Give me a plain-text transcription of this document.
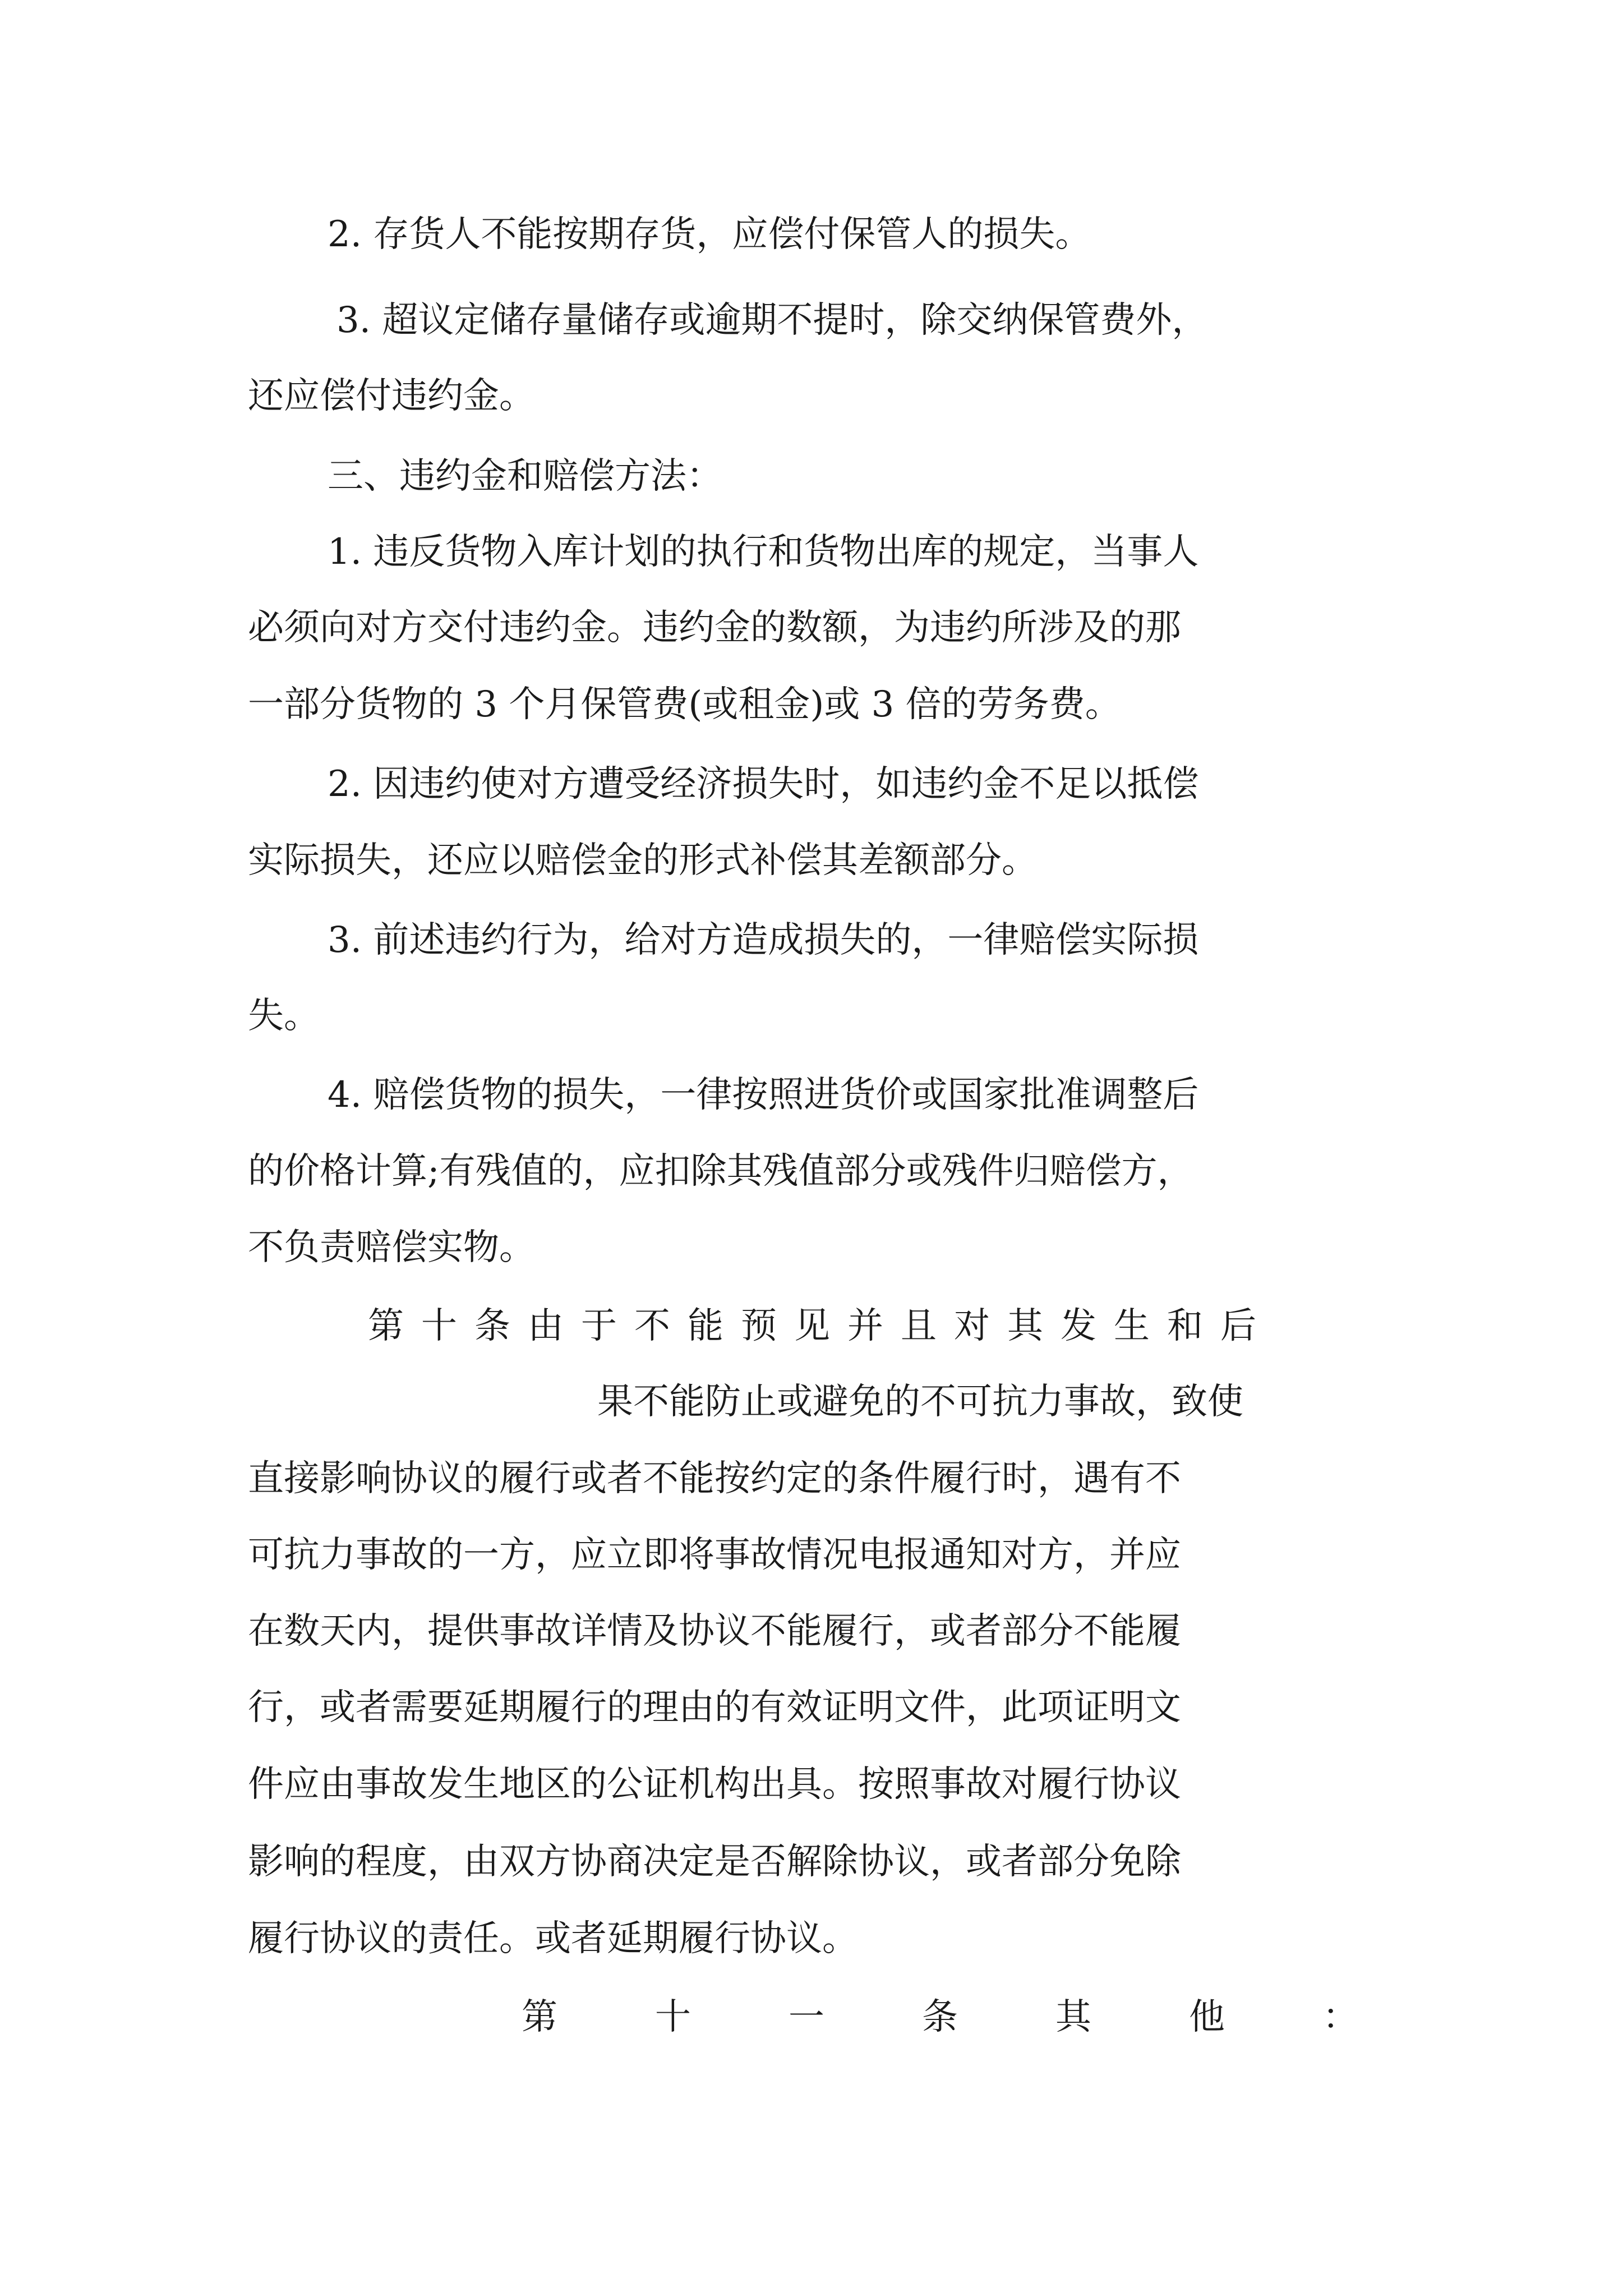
2. 存货人不能按期存货，应偿付保管人的损失。
3. 超议定储存量储存或逾期不提时，除交纳保管费外，
还应偿付违约金。
三、违约金和赔偿方法：
1. 违反货物入库计划的执行和货物出库的规定，当事人
必须向对方交付违约金。违约金的数额，为违约所涉及的那
一部分货物的 3 个月保管费(或租金)或 3 倍的劳务费。
2. 因违约使对方遭受经济损失时，如违约金不足以抵偿
实际损失，还应以赔偿金的形式补偿其差额部分。
3. 前述违约行为，给对方造成损失的，一律赔偿实际损
失。
4. 赔偿货物的损失，一律按照进货价或国家批准调整后
的价格计算;有残值的，应扣除其残值部分或残件归赔偿方，
不负责赔偿实物。
第十条由于不能预见并且对其发生和后
果不能防止或避免的不可抗力事故，致使
直接影响协议的履行或者不能按约定的条件履行时，遇有不
可抗力事故的一方，应立即将事故情况电报通知对方，并应
在数天内，提供事故详情及协议不能履行，或者部分不能履
行，或者需要延期履行的理由的有效证明文件，此项证明文
件应由事故发生地区的公证机构出具。按照事故对履行协议
影响的程度，由双方协商决定是否解除协议，或者部分免除
履行协议的责任。或者延期履行协议。
第	十	一	条	其	他	：
